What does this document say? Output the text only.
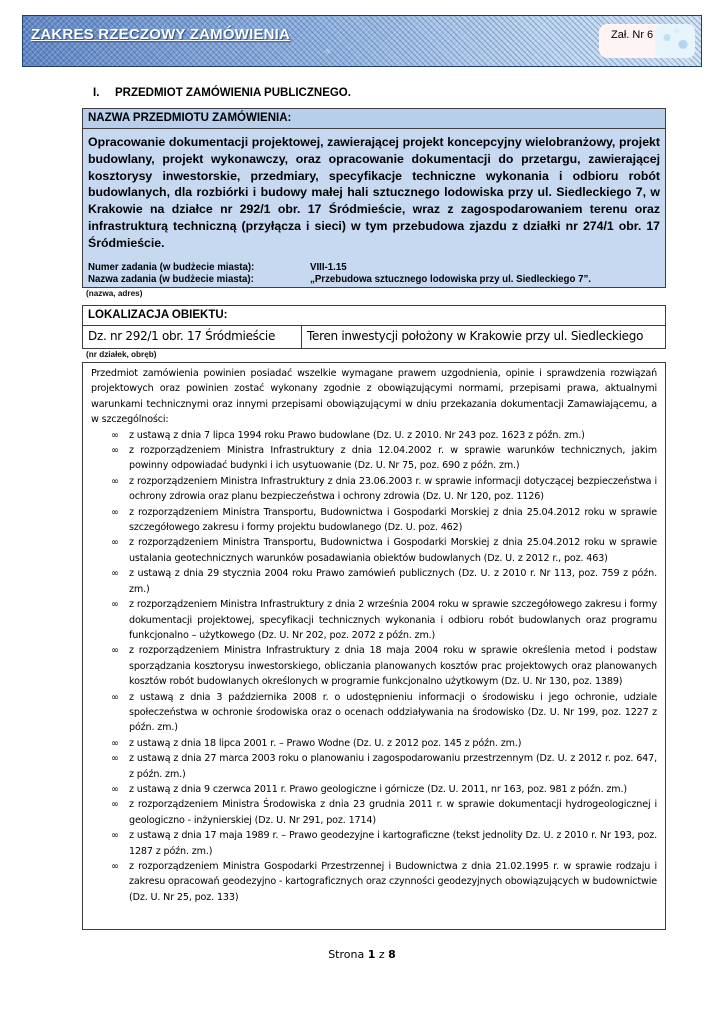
ZAKRES RZECZOWY ZAMÓWIENIA	Zał. Nr 6
I. PRZEDMIOT ZAMÓWIENIA PUBLICZNEGO.
NAZWA PRZEDMIOTU ZAMÓWIENIA:
Opracowanie dokumentacji projektowej, zawierającej projekt koncepcyjny wielobranżowy, projekt budowlany, projekt wykonawczy, oraz opracowanie dokumentacji do przetargu, zawierającej kosztorysy inwestorskie, przedmiary, specyfikacje techniczne wykonania i odbioru robót budowlanych, dla rozbiórki i budowy małej hali sztucznego lodowiska przy ul. Siedleckiego 7, w Krakowie na działce nr 292/1 obr. 17 Śródmieście, wraz z zagospodarowaniem terenu oraz infrastrukturą techniczną (przyłącza i sieci) w tym przebudowa zjazdu z działki nr 274/1 obr. 17 Śródmieście.
Numer zadania (w budżecie miasta):	VIII-1.15
Nazwa zadania (w budżecie miasta):	„Przebudowa sztucznego lodowiska przy ul. Siedleckiego 7”.
(nazwa, adres)
LOKALIZACJA OBIEKTU:
Dz. nr 292/1 obr. 17 Śródmieście	Teren inwestycji położony w Krakowie przy ul. Siedleckiego
(nr działek, obręb)
Przedmiot zamówienia powinien posiadać wszelkie wymagane prawem uzgodnienia, opinie i sprawdzenia rozwiązań projektowych oraz powinien zostać wykonany zgodnie z obowiązującymi normami, przepisami prawa, aktualnymi warunkami technicznymi oraz innymi przepisami obowiązującymi w dniu przekazania dokumentacji Zamawiającemu, a w szczególności:
∞	z ustawą z dnia 7 lipca 1994 roku Prawo budowlane (Dz. U. z 2010. Nr 243 poz. 1623 z późn. zm.)
∞	z rozporządzeniem Ministra Infrastruktury z dnia 12.04.2002 r. w sprawie warunków technicznych, jakim powinny odpowiadać budynki i ich usytuowanie (Dz. U. Nr 75, poz. 690 z późn. zm.)
∞	z rozporządzeniem Ministra Infrastruktury z dnia 23.06.2003 r. w sprawie informacji dotyczącej bezpieczeństwa i ochrony zdrowia oraz planu bezpieczeństwa i ochrony zdrowia (Dz. U. Nr 120, poz. 1126)
∞	z rozporządzeniem Ministra Transportu, Budownictwa i Gospodarki Morskiej z dnia 25.04.2012 roku w sprawie szczegółowego zakresu i formy projektu budowlanego (Dz. U. poz. 462)
∞	z rozporządzeniem Ministra Transportu, Budownictwa i Gospodarki Morskiej z dnia 25.04.2012 roku w sprawie ustalania geotechnicznych warunków posadawiania obiektów budowlanych (Dz. U. z 2012 r., poz. 463)
∞	z ustawą z dnia 29 stycznia 2004 roku Prawo zamówień publicznych (Dz. U. z 2010 r. Nr 113, poz. 759 z późn. zm.)
∞	z rozporządzeniem Ministra Infrastruktury z dnia 2 września 2004 roku w sprawie szczegółowego zakresu i formy dokumentacji projektowej, specyfikacji technicznych wykonania i odbioru robót budowlanych oraz programu funkcjonalno – użytkowego (Dz. U. Nr 202, poz. 2072 z późn. zm.)
∞	z rozporządzeniem Ministra Infrastruktury z dnia 18 maja 2004 roku w sprawie określenia metod i podstaw sporządzania kosztorysu inwestorskiego, obliczania planowanych kosztów prac projektowych oraz planowanych kosztów robót budowlanych określonych w programie funkcjonalno użytkowym (Dz. U. Nr 130, poz. 1389)
∞	z ustawą z dnia 3 października 2008 r. o udostępnieniu informacji o środowisku i jego ochronie, udziale społeczeństwa w ochronie środowiska oraz o ocenach oddziaływania na środowisko (Dz. U. Nr 199, poz. 1227 z późn. zm.)
∞	z ustawą z dnia 18 lipca 2001 r. – Prawo Wodne (Dz. U. z 2012 poz. 145 z późn. zm.)
∞	z ustawą z dnia 27 marca 2003 roku o planowaniu i zagospodarowaniu przestrzennym (Dz. U. z 2012 r. poz. 647, z późn. zm.)
∞	z ustawą z dnia 9 czerwca 2011 r. Prawo geologiczne i górnicze (Dz. U. 2011, nr 163, poz. 981 z późn. zm.)
∞	z rozporządzeniem Ministra Środowiska z dnia 23 grudnia 2011 r. w sprawie dokumentacji hydrogeologicznej i geologiczno - inżynierskiej (Dz. U. Nr 291, poz. 1714)
∞	z ustawą z dnia 17 maja 1989 r. – Prawo geodezyjne i kartograficzne (tekst jednolity Dz. U. z 2010 r. Nr 193, poz. 1287 z późn. zm.)
∞	z rozporządzeniem Ministra Gospodarki Przestrzennej i Budownictwa z dnia 21.02.1995 r. w sprawie rodzaju i zakresu opracowań geodezyjno - kartograficznych oraz czynności geodezyjnych obowiązujących w budownictwie (Dz. U. Nr 25, poz. 133)
Strona 1 z 8
